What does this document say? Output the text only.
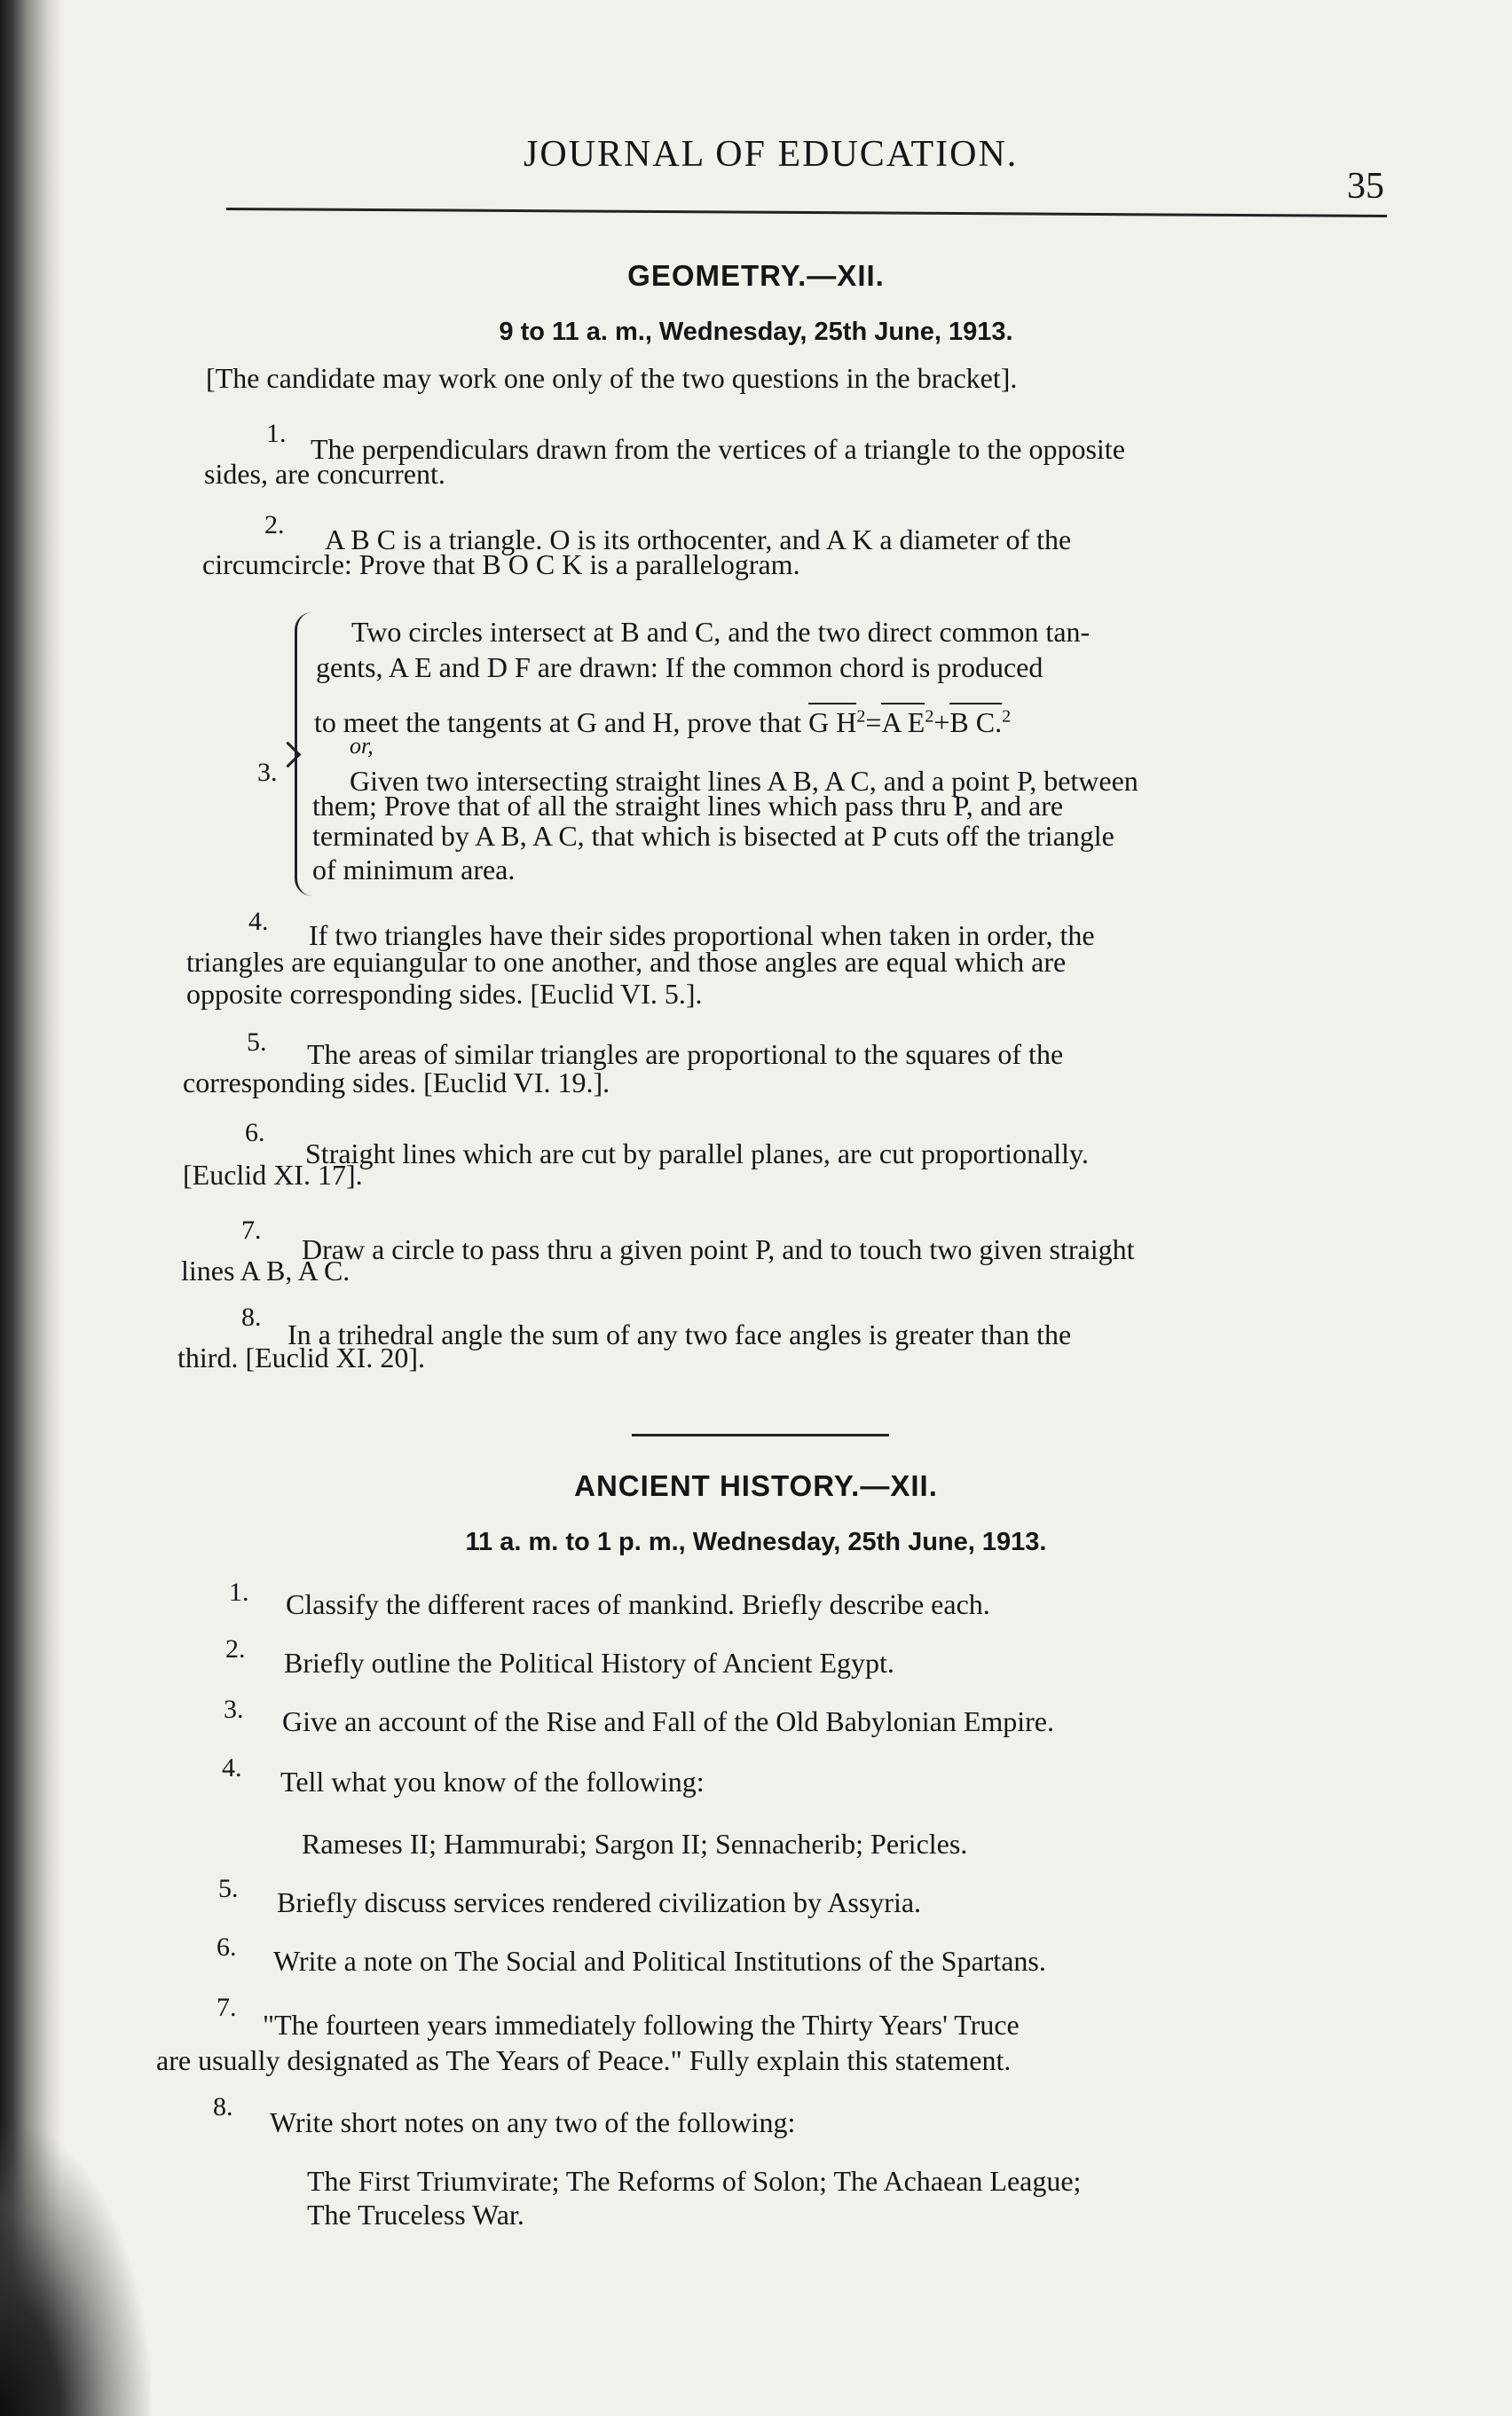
JOURNAL OF EDUCATION.
35
GEOMETRY.—XII.
9 to 11 a. m., Wednesday, 25th June, 1913.
[The candidate may work one only of the two questions in the bracket].
1. The perpendiculars drawn from the vertices of a triangle to the opposite
sides, are concurrent.
2. A B C is a triangle. O is its orthocenter, and A K a diameter of the
circumcircle: Prove that B O C K is a parallelogram.
3.
Two circles intersect at B and C, and the two direct common tan-
gents, A E and D F are drawn: If the common chord is produced
to meet the tangents at G and H, prove that G $H^2=A$ $E^2+B$ C.$^2$
or,
Given two intersecting straight lines A B, A C, and a point P, between
them; Prove that of all the straight lines which pass thru P, and are
terminated by A B, A C, that which is bisected at P cuts off the triangle
of minimum area.
4. If two triangles have their sides proportional when taken in order, the
triangles are equiangular to one another, and those angles are equal which are
opposite corresponding sides. [Euclid VI. 5.].
5. The areas of similar triangles are proportional to the squares of the
corresponding sides. [Euclid VI. 19.].
6.
Straight lines which are cut by parallel planes, are cut proportionally.
[Euclid XI. 17].
7.
Draw a circle to pass thru a given point P, and to touch two given straight
lines A B, A C.
8.
In a trihedral angle the sum of any two face angles is greater than the
third. [Euclid XI. 20].
ANCIENT HISTORY.—XII.
11 a. m. to 1 p. m., Wednesday, 25th June, 1913.
1. Classify the different races of mankind. Briefly describe each.
2. Briefly outline the Political History of Ancient Egypt.
3. Give an account of the Rise and Fall of the Old Babylonian Empire.
4. Tell what you know of the following:
Rameses II; Hammurabi; Sargon II; Sennacherib; Pericles.
5. Briefly discuss services rendered civilization by Assyria.
6. Write a note on The Social and Political Institutions of the Spartans.
7.
"The fourteen years immediately following the Thirty Years' Truce
are usually designated as The Years of Peace." Fully explain this statement.
8. Write short notes on any two of the following:
The First Triumvirate; The Reforms of Solon; The Achaean League;
The Truceless War.
